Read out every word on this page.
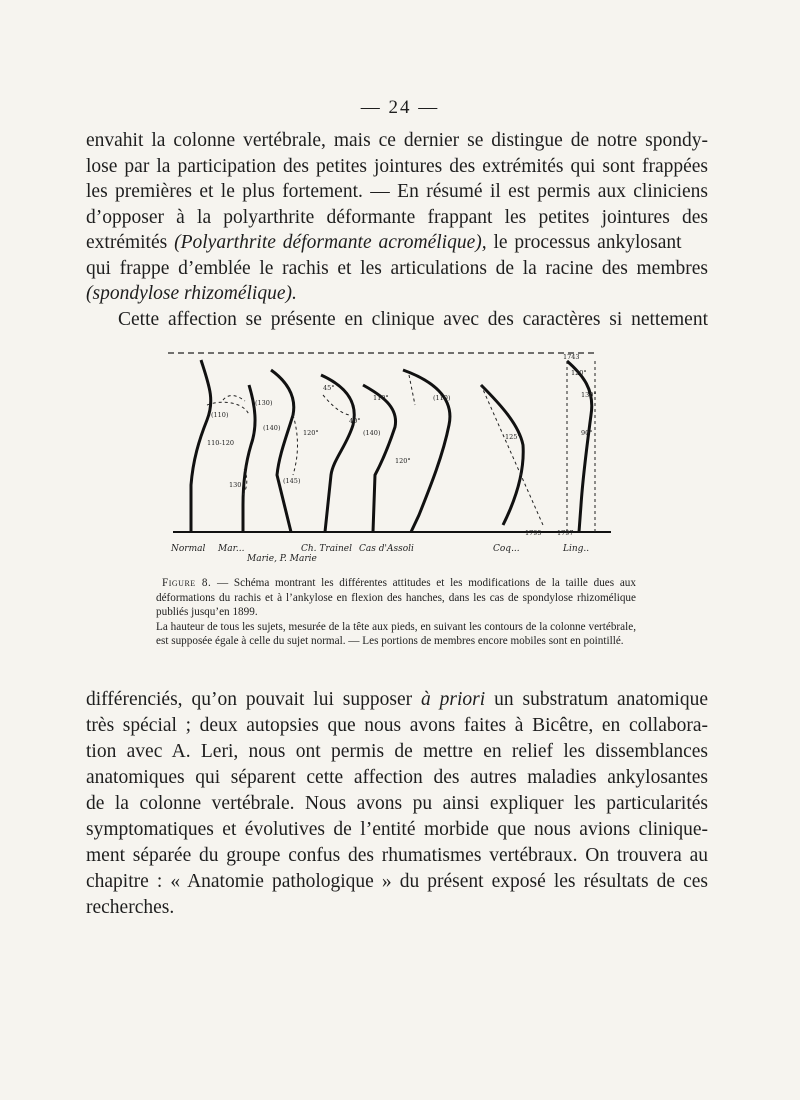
— 24 —

envahit la colonne vertébrale, mais ce dernier se distingue de notre spondy-
lose par la participation des petites jointures des extrémités qui sont frappées
les premières et le plus fortement. — En résumé il est permis aux cliniciens
d’opposer à la polyarthrite déformante frappant les petites jointures des
extrémités (Polyarthrite déformante acromélique), le processus ankylosant
qui frappe d’emblée le rachis et les articulations de la racine des membres
(spondylose rhizomélique).
Cette affection se présente en clinique avec des caractères si nettement

1743
120°
130°
(110)
(130)
45°
110°	(110)
(140)
110-120
40°
(140)
120°
(145)
120°
130
125°	90°
1795 1797
Normal Mar...
Marie, P. Marie
Ch. Trainel Cas d'Assoli	Coq...	Ling..

Figure 8. — Schéma montrant les différentes attitudes et les modifications de la taille dues aux déformations du rachis et à l’ankylose en flexion des hanches, dans les cas de spondylose rhizomélique publiés jusqu’en 1899.

La hauteur de tous les sujets, mesurée de la tête aux pieds, en suivant les contours de la colonne vertébrale, est supposée égale à celle du sujet normal. — Les portions de membres encore mobiles sont en pointillé.

différenciés, qu’on pouvait lui supposer à priori un substratum anatomique
très spécial ; deux autopsies que nous avons faites à Bicêtre, en collabora-
tion avec A. Leri, nous ont permis de mettre en relief les dissemblances
anatomiques qui séparent cette affection des autres maladies ankylosantes
de la colonne vertébrale. Nous avons pu ainsi expliquer les particularités
symptomatiques et évolutives de l’entité morbide que nous avions clinique-
ment séparée du groupe confus des rhumatismes vertébraux. On trouvera au
chapitre : « Anatomie pathologique » du présent exposé les résultats de ces
recherches.
